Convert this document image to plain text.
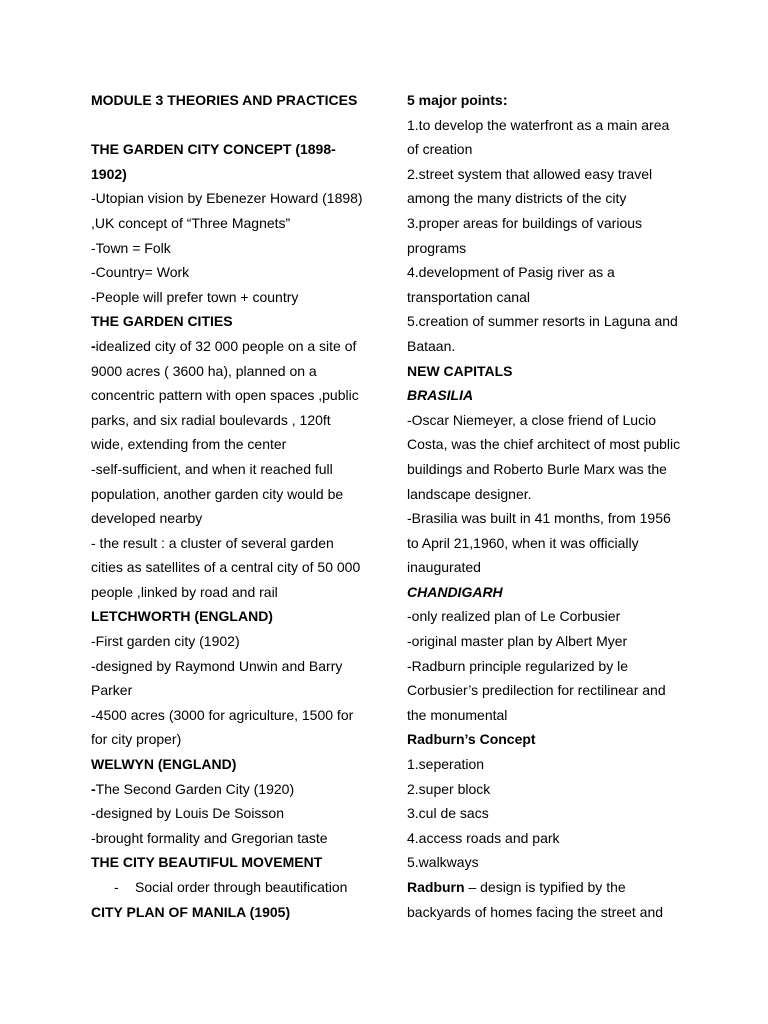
MODULE 3 THEORIES AND PRACTICES
THE GARDEN CITY CONCEPT (1898-
1902)
-Utopian vision by Ebenezer Howard (1898)
,UK concept of “Three Magnets”
-Town = Folk
-Country= Work
-People will prefer town + country
THE GARDEN CITIES
-idealized city of 32 000 people on a site of
9000 acres ( 3600 ha), planned on a
concentric pattern with open spaces ,public
parks, and six radial boulevards , 120ft
wide, extending from the center
-self-sufficient, and when it reached full
population, another garden city would be
developed nearby
- the result : a cluster of several garden
cities as satellites of a central city of 50 000
people ,linked by road and rail
LETCHWORTH (ENGLAND)
-First garden city (1902)
-designed by Raymond Unwin and Barry
Parker
-4500 acres (3000 for agriculture, 1500 for
for city proper)
WELWYN (ENGLAND)
-The Second Garden City (1920)
-designed by Louis De Soisson
-brought formality and Gregorian taste
THE CITY BEAUTIFUL MOVEMENT
- Social order through beautification
CITY PLAN OF MANILA (1905)
5 major points:
1.to develop the waterfront as a main area
of creation
2.street system that allowed easy travel
among the many districts of the city
3.proper areas for buildings of various
programs
4.development of Pasig river as a
transportation canal
5.creation of summer resorts in Laguna and
Bataan.
NEW CAPITALS
BRASILIA
-Oscar Niemeyer, a close friend of Lucio
Costa, was the chief architect of most public
buildings and Roberto Burle Marx was the
landscape designer.
-Brasilia was built in 41 months, from 1956
to April 21,1960, when it was officially
inaugurated
CHANDIGARH
-only realized plan of Le Corbusier
-original master plan by Albert Myer
-Radburn principle regularized by le
Corbusier’s predilection for rectilinear and
the monumental
Radburn’s Concept
1.seperation
2.super block
3.cul de sacs
4.access roads and park
5.walkways
Radburn – design is typified by the
backyards of homes facing the street and
